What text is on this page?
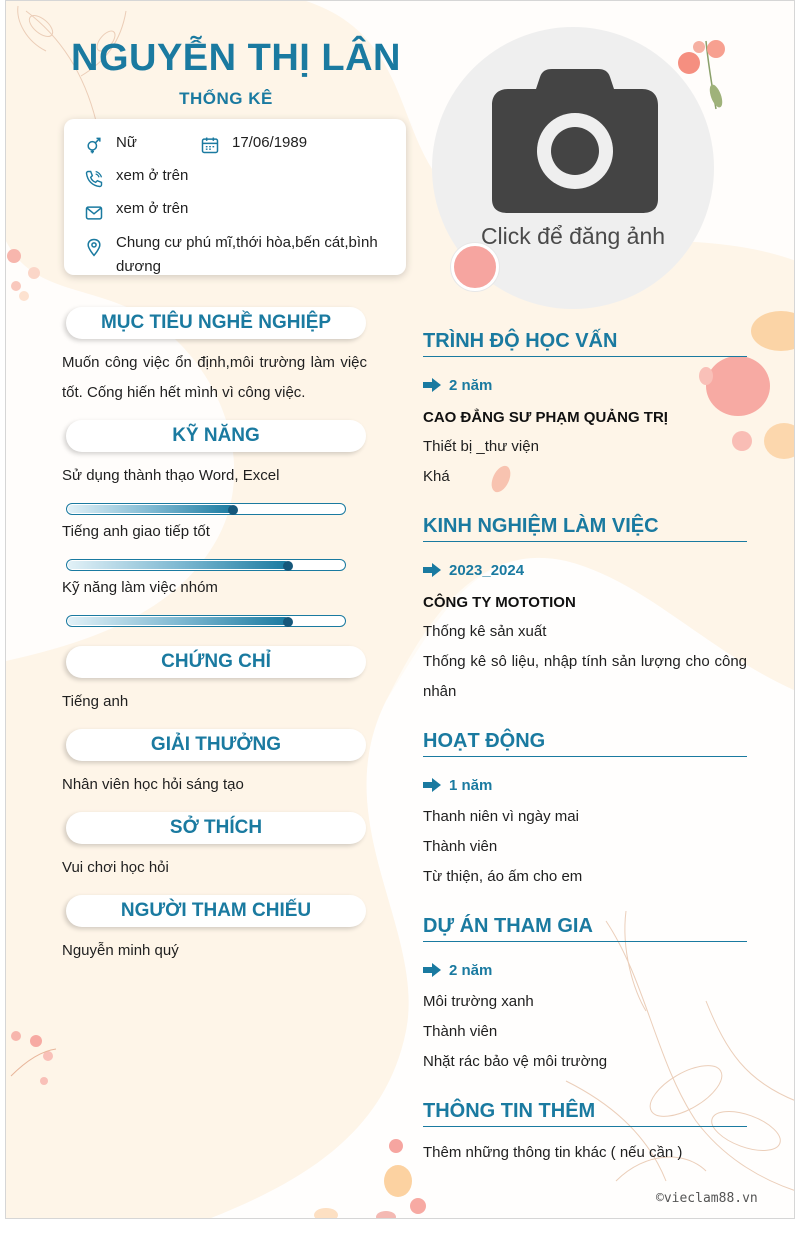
NGUYỄN THỊ LÂN
THỐNG KÊ
Nữ	17/06/1989
xem ở trên
xem ở trên
Chung cư phú mĩ,thới hòa,bến cát,bình dương
Click để đăng ảnh
MỤC TIÊU NGHỀ NGHIỆP
Muốn công việc ổn định,môi trường làm việc tốt. Cống hiến hết mình vì công việc.
KỸ NĂNG
Sử dụng thành thạo Word, Excel
Tiếng anh giao tiếp tốt
Kỹ năng làm việc nhóm
CHỨNG CHỈ
Tiếng anh
GIẢI THƯỞNG
Nhân viên học hỏi sáng tạo
SỞ THÍCH
Vui chơi học hỏi
NGƯỜI THAM CHIẾU
Nguyễn minh quý
TRÌNH ĐỘ HỌC VẤN
2 năm
CAO ĐẲNG SƯ PHẠM QUẢNG TRỊ
Thiết bị _thư viện
Khá
KINH NGHIỆM LÀM VIỆC
2023_2024
CÔNG TY MOTOTION
Thống kê sản xuất
Thống kê sô liệu, nhập tính sản lượng cho công nhân
HOẠT ĐỘNG
1 năm
Thanh niên vì ngày mai
Thành viên
Từ thiện, áo ấm cho em
DỰ ÁN THAM GIA
2 năm
Môi trường xanh
Thành viên
Nhặt rác bảo vệ môi trường
THÔNG TIN THÊM
Thêm những thông tin khác ( nếu cần )
©vieclam88.vn
